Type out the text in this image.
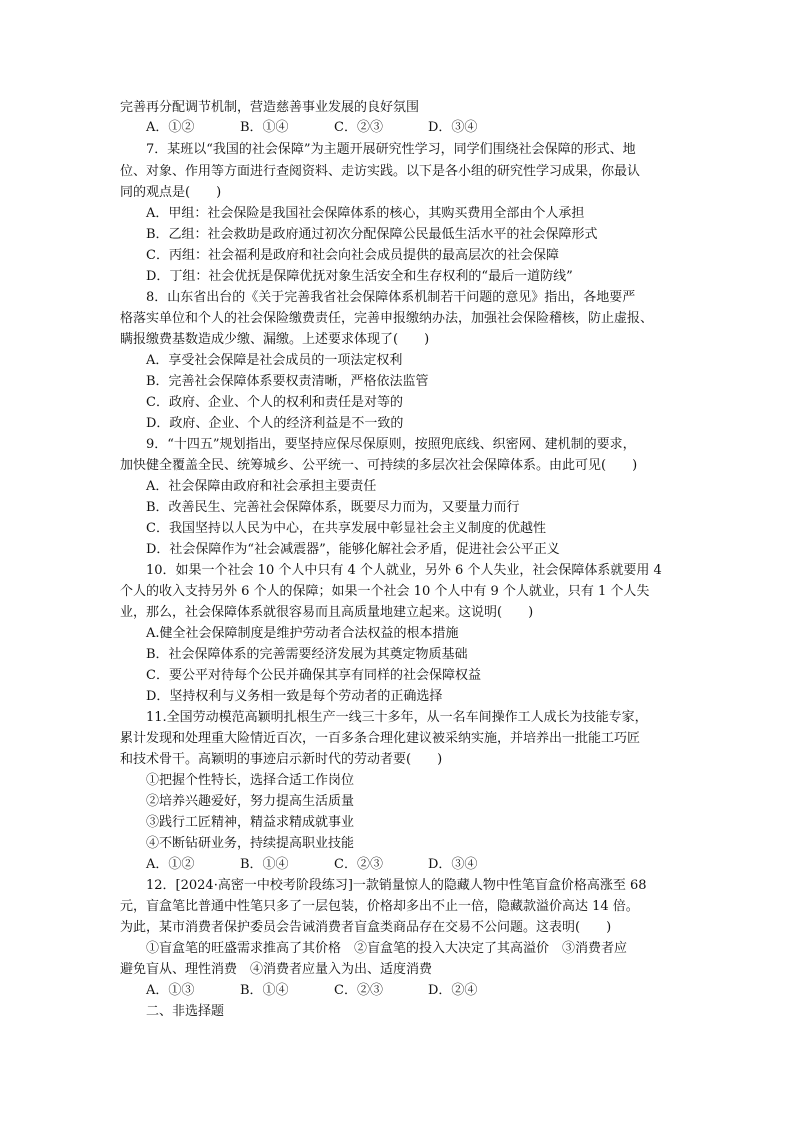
完善再分配调节机制，营造慈善事业发展的良好氛围
A．①②	B．①④	C．②③	D．③④
7．某班以“我国的社会保障”为主题开展研究性学习，同学们围绕社会保障的形式、地
位、对象、作用等方面进行查阅资料、走访实践。以下是各小组的研究性学习成果，你最认
同的观点是(　　)
A．甲组：社会保险是我国社会保障体系的核心，其购买费用全部由个人承担
B．乙组：社会救助是政府通过初次分配保障公民最低生活水平的社会保障形式
C．丙组：社会福利是政府和社会向社会成员提供的最高层次的社会保障
D．丁组：社会优抚是保障优抚对象生活安全和生存权利的“最后一道防线”
8．山东省出台的《关于完善我省社会保障体系机制若干问题的意见》指出，各地要严
格落实单位和个人的社会保险缴费责任，完善申报缴纳办法，加强社会保险稽核，防止虚报、
瞒报缴费基数造成少缴、漏缴。上述要求体现了(　　)
A．享受社会保障是社会成员的一项法定权利
B．完善社会保障体系要权责清晰，严格依法监管
C．政府、企业、个人的权利和责任是对等的
D．政府、企业、个人的经济利益是不一致的
9．“十四五”规划指出，要坚持应保尽保原则，按照兜底线、织密网、建机制的要求，
加快健全覆盖全民、统筹城乡、公平统一、可持续的多层次社会保障体系。由此可见(　　)
A．社会保障由政府和社会承担主要责任
B．改善民生、完善社会保障体系，既要尽力而为，又要量力而行
C．我国坚持以人民为中心，在共享发展中彰显社会主义制度的优越性
D．社会保障作为“社会减震器”，能够化解社会矛盾，促进社会公平正义
10．如果一个社会 10 个人中只有 4 个人就业，另外 6 个人失业，社会保障体系就要用 4
个人的收入支持另外 6 个人的保障；如果一个社会 10 个人中有 9 个人就业，只有 1 个人失
业，那么，社会保障体系就很容易而且高质量地建立起来。这说明(　　)
A.健全社会保障制度是维护劳动者合法权益的根本措施
B．社会保障体系的完善需要经济发展为其奠定物质基础
C．要公平对待每个公民并确保其享有同样的社会保障权益
D．坚持权利与义务相一致是每个劳动者的正确选择
11.全国劳动模范高颖明扎根生产一线三十多年，从一名车间操作工人成长为技能专家，
累计发现和处理重大险情近百次，一百多条合理化建议被采纳实施，并培养出一批能工巧匠
和技术骨干。高颖明的事迹启示新时代的劳动者要(　　)
①把握个性特长，选择合适工作岗位
②培养兴趣爱好，努力提高生活质量
③践行工匠精神，精益求精成就事业
④不断钻研业务，持续提高职业技能
A．①②	B．①④	C．②③	D．③④
12．[2024·高密一中校考阶段练习]一款销量惊人的隐藏人物中性笔盲盒价格高涨至 68
元，盲盒笔比普通中性笔只多了一层包装，价格却多出不止一倍，隐藏款溢价高达 14 倍。
为此，某市消费者保护委员会告诫消费者盲盒类商品存在交易不公问题。这表明(　　)
①盲盒笔的旺盛需求推高了其价格　②盲盒笔的投入大决定了其高溢价　③消费者应
避免盲从、理性消费　④消费者应量入为出、适度消费
A．①③	B．①④	C．②③	D．②④
二、非选择题
